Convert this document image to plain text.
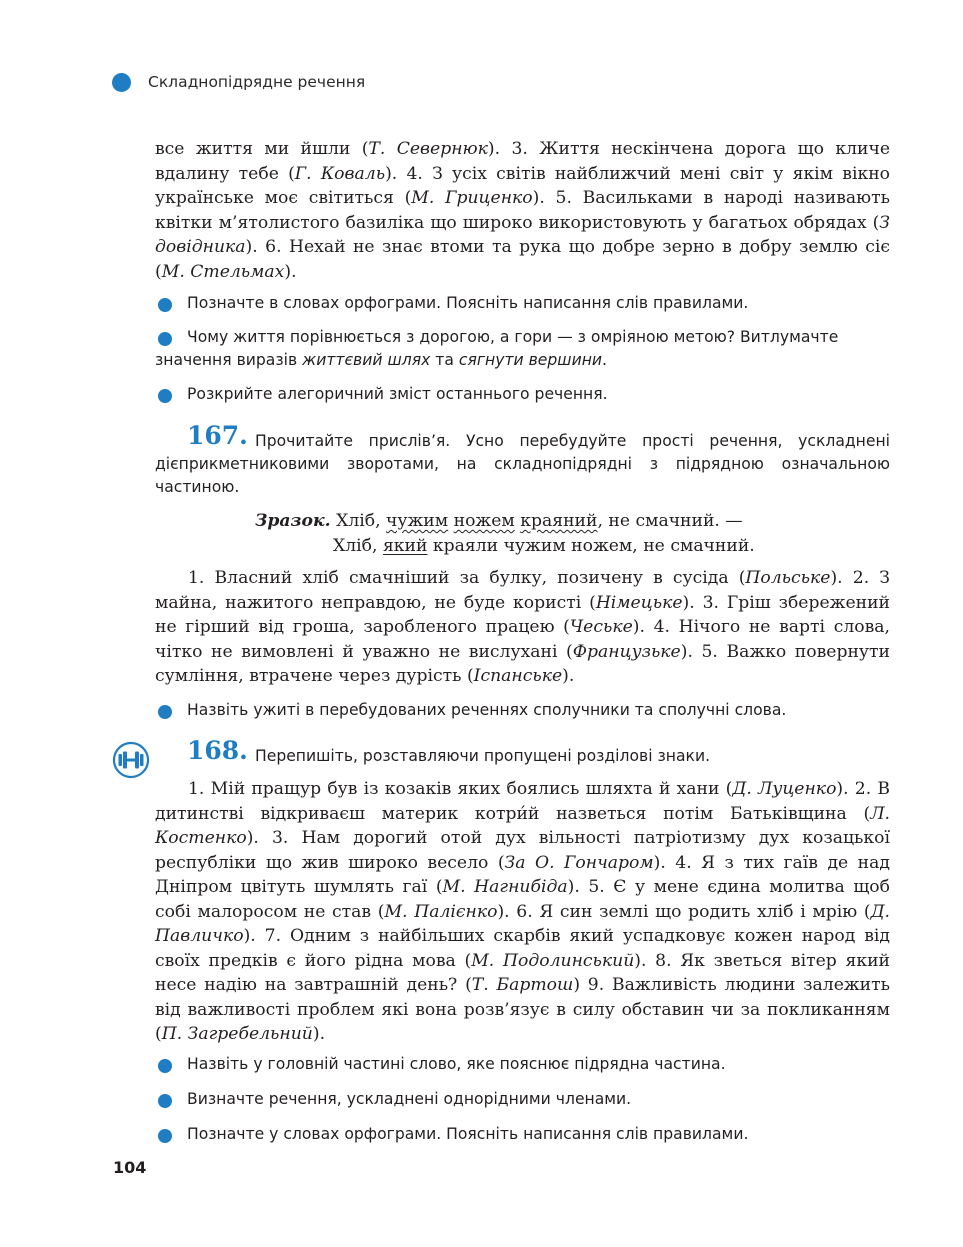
Складнопідрядне речення

все життя ми йшли (Т. Севернюк). 3. Життя нескінчена дорога що кличе вдалину тебе (Г. Коваль). 4. З усіх світів найближчий мені світ у якім вікно українське моє світиться (М. Гриценко). 5. Васильками в народі називають квітки м’ятолистого базиліка що широко використовують у багатьох обрядах (З довідника). 6. Нехай не знає втоми та рука що добре зерно в добру землю сіє (М. Стельмах).

Позначте в словах орфограми. Поясніть написання слів правилами.
Чому життя порівнюється з дорогою, а гори — з омріяною метою? Витлумачте значення виразів життєвий шлях та сягнути вершини.
Розкрийте алегоричний зміст останнього речення.
167. Прочитайте прислів’я. Усно перебудуйте прості речення, ускладнені дієприкметниковими зворотами, на складнопідрядні з підрядною означальною частиною.

Зразок. Хліб, чужим ножем краяний, не смачний. —
Хліб, який краяли чужим ножем, не смачний.

1. Власний хліб смачніший за булку, позичену в сусіда (Польське). 2. З майна, нажитого неправдою, не буде користі (Німецьке). 3. Гріш збережений не гірший від гроша, заробленого працею (Чеське). 4. Нічого не варті слова, чітко не вимовлені й уважно не вислухані (Французьке). 5. Важко повернути сумління, втрачене через дурість (Іспанське).

Назвіть ужиті в перебудованих реченнях сполучники та сполучні слова.
168. Перепишіть, розставляючи пропущені розділові знаки.

1. Мій пращур був із козаків яких боялись шляхта й хани (Д. Луценко). 2. В дитинстві відкриваєш материк котри́й назветься потім Батьківщина (Л. Костенко). 3. Нам дорогий отой дух вільності патріотизму дух козацької республіки що жив широко весело (За О. Гончаром). 4. Я з тих гаїв де над Дніпром цвітуть шумлять гаї (М. Нагнибіда). 5. Є у мене єдина молитва щоб собі малоросом не став (М. Палієнко). 6. Я син землі що родить хліб і мрію (Д. Павличко). 7. Одним з найбільших скарбів який успадковує кожен народ від своїх предків є його рідна мова (М. Подолинський). 8. Як зветься вітер який несе надію на завтрашній день? (Т. Бартош) 9. Важливість людини залежить від важливості проблем які вона розв’язує в силу обставин чи за покликанням (П. Загребельний).

Назвіть у головній частині слово, яке пояснює підрядна частина.
Визначте речення, ускладнені однорідними членами.
Позначте у словах орфограми. Поясніть написання слів правилами.
104
